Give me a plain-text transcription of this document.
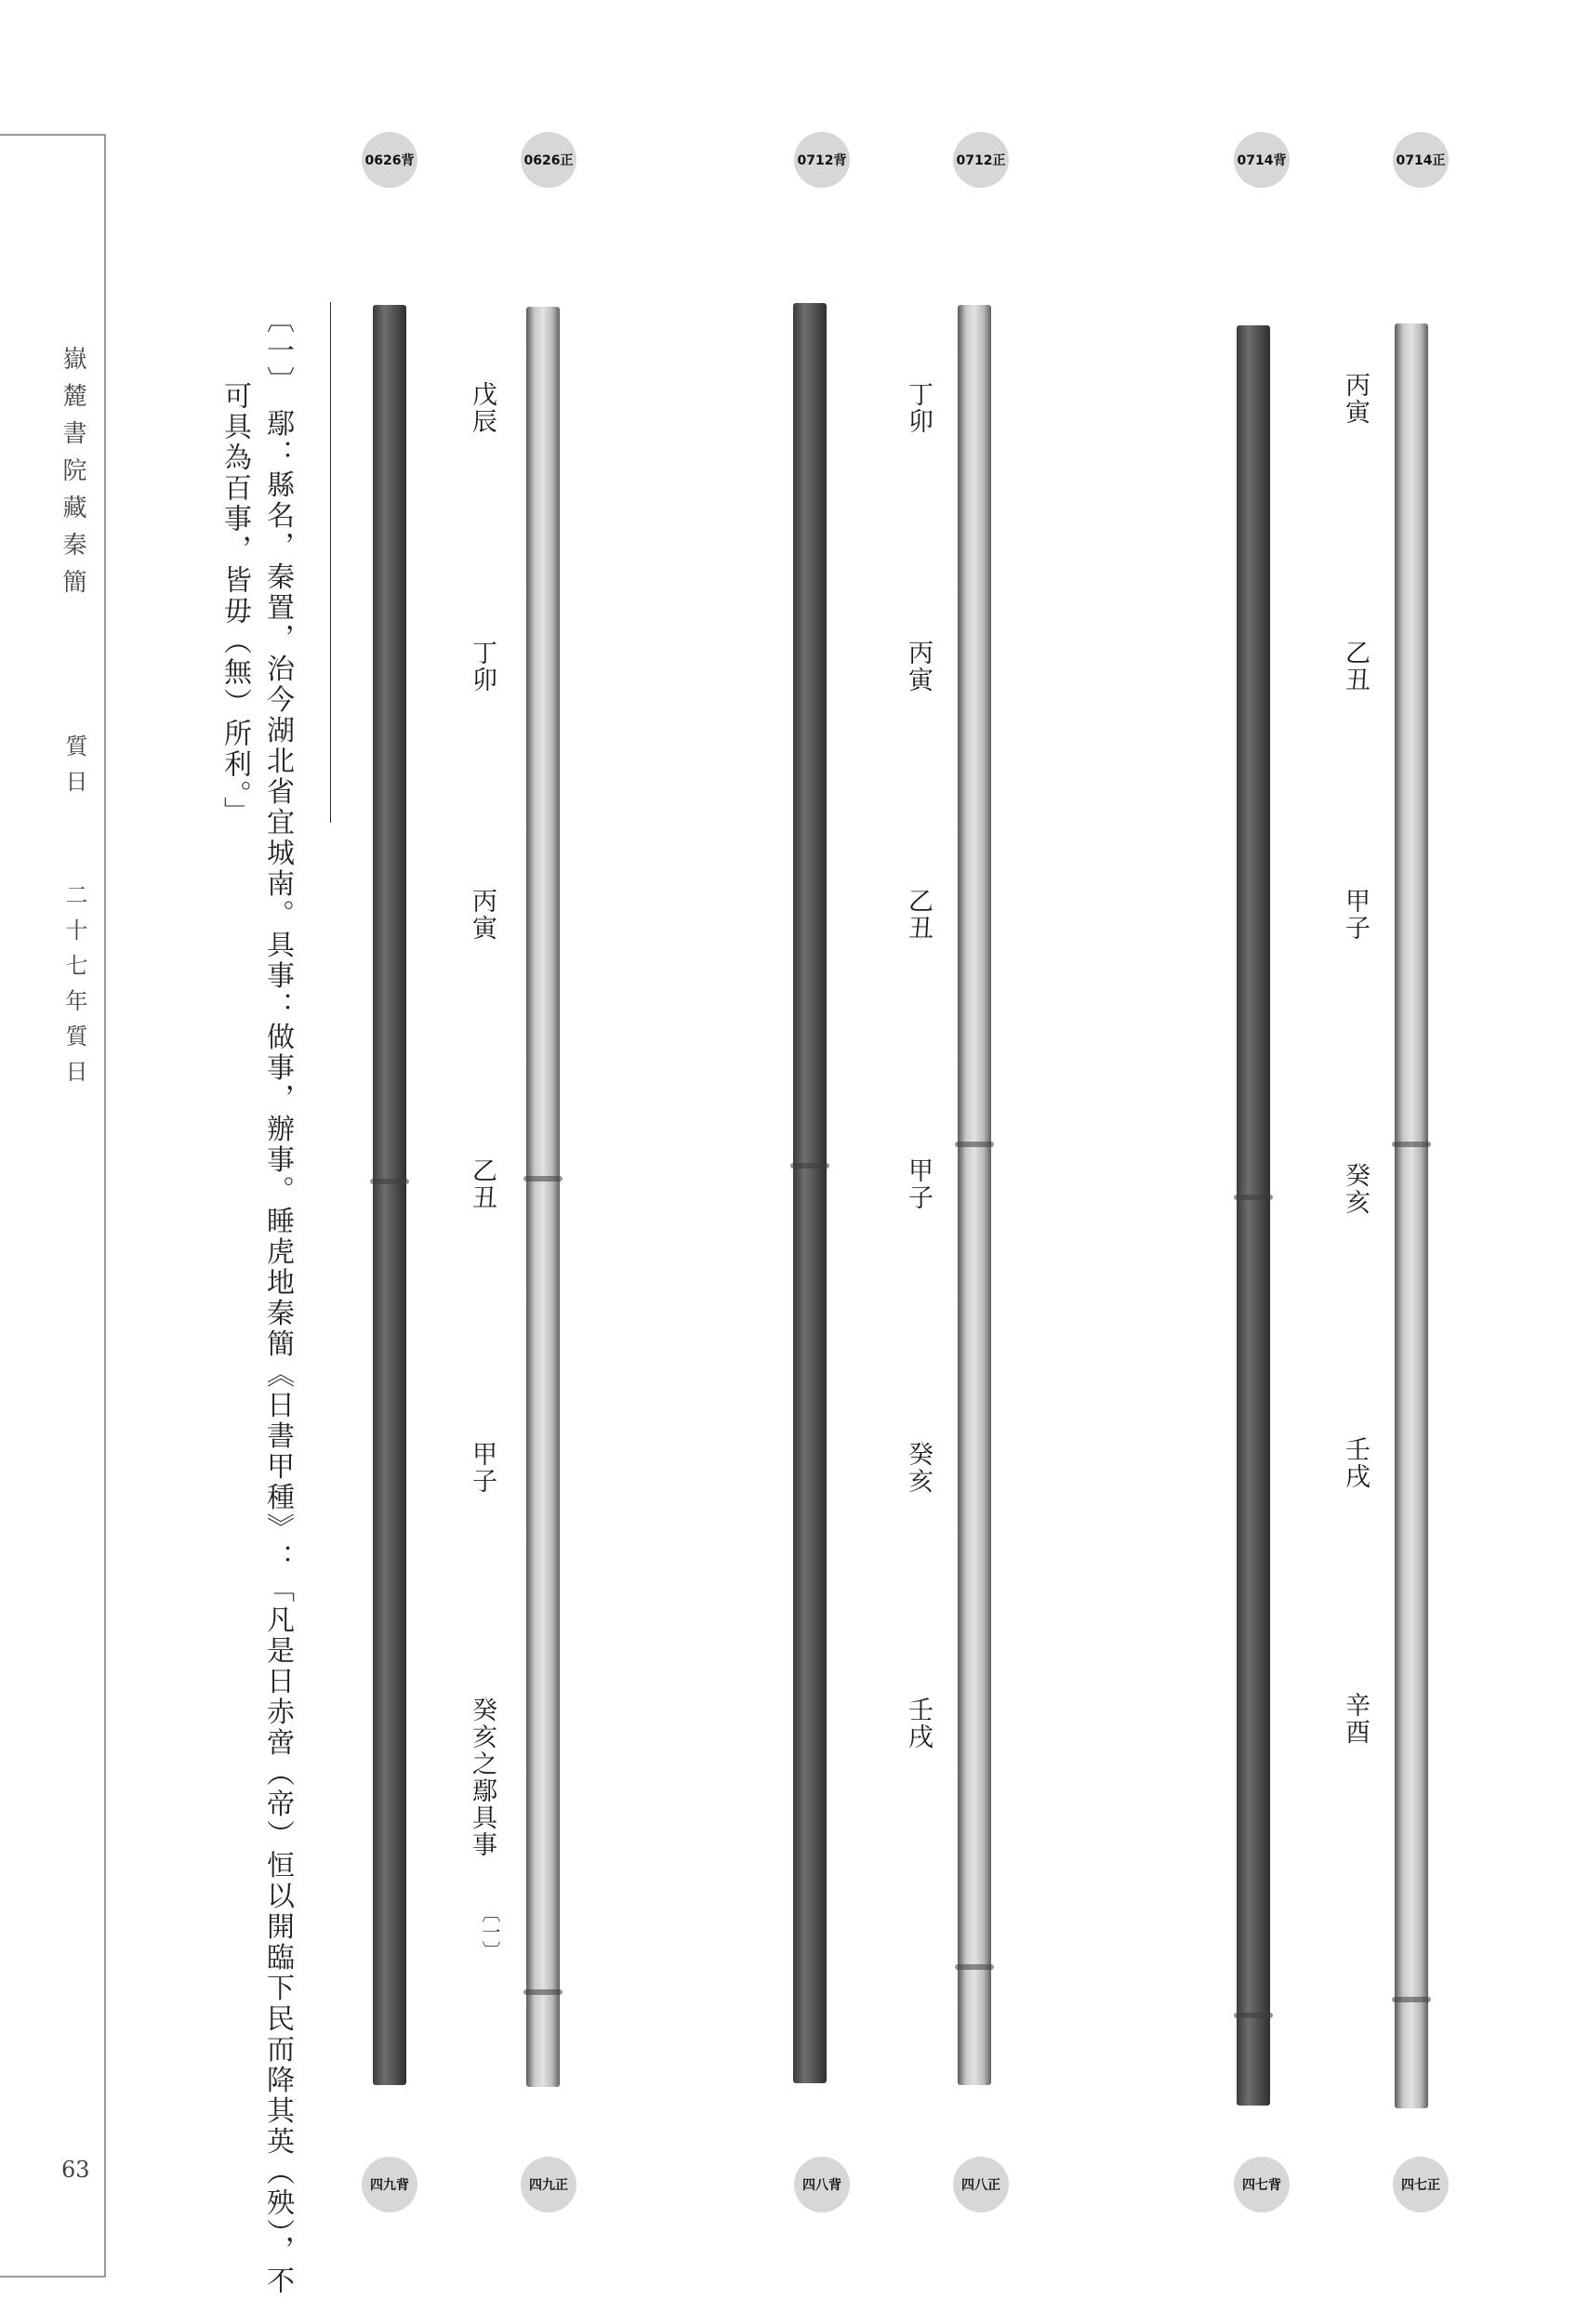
嶽麓書院藏秦簡
質日
二十七年質日
63	〔一〕 鄢：縣名，秦置，治今湖北省宜城南。具事：做事，辦事。睡虎地秦簡《日書甲種》：「凡是日赤啻（帝）恒以開臨下民而降其英（殃），不
可具為百事，皆毋（無）所利。」
0626背	0626正	0712背	0712正	0714背	0714正
四九背	四九正	四八背	四八正	四七背	四七正
戊辰
丁卯
丙寅
乙丑
甲子
癸亥之鄢具事
〔一〕
丁卯
丙寅
乙丑
甲子
癸亥
壬戌
丙寅
乙丑
甲子
癸亥
壬戌
辛酉
